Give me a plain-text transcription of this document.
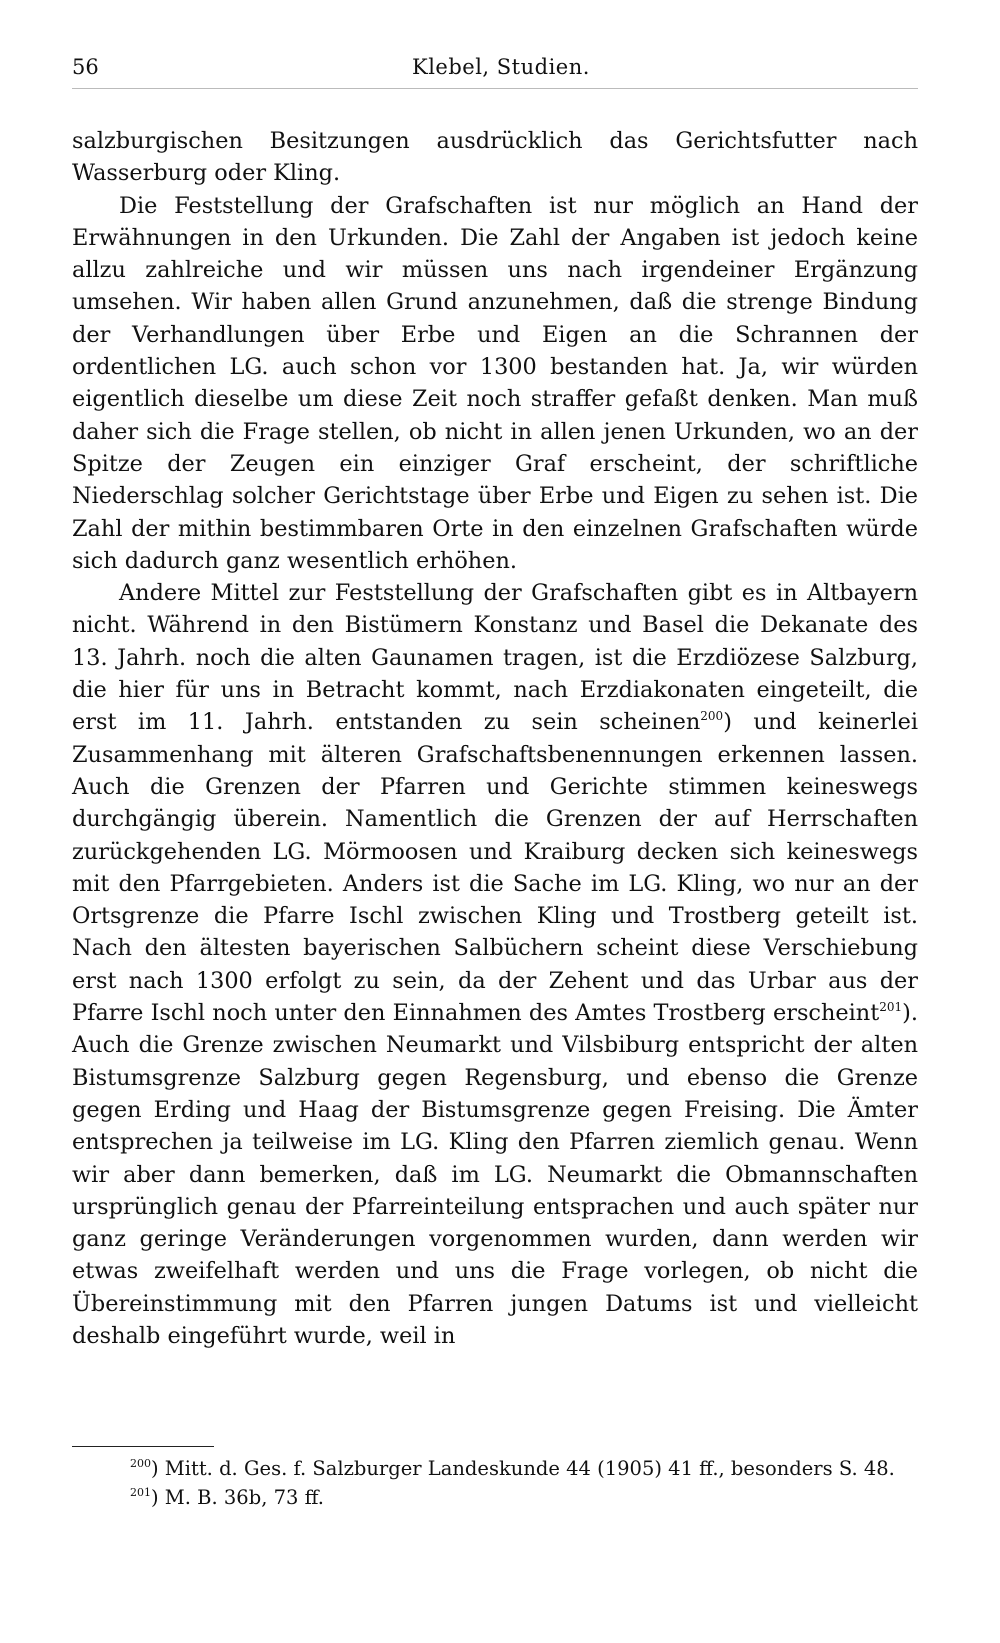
56	Klebel, Studien.

salzburgischen Besitzungen ausdrücklich das Gerichtsfutter nach Wasserburg oder Kling.

Die Feststellung der Grafschaften ist nur möglich an Hand der Erwähnungen in den Urkunden. Die Zahl der Angaben ist jedoch keine allzu zahlreiche und wir müssen uns nach irgendeiner Ergänzung umsehen. Wir haben allen Grund anzunehmen, daß die strenge Bindung der Verhandlungen über Erbe und Eigen an die Schrannen der ordentlichen LG. auch schon vor 1300 bestanden hat. Ja, wir würden eigentlich dieselbe um diese Zeit noch straffer gefaßt denken. Man muß daher sich die Frage stellen, ob nicht in allen jenen Urkunden, wo an der Spitze der Zeugen ein einziger Graf erscheint, der schriftliche Niederschlag solcher Gerichtstage über Erbe und Eigen zu sehen ist. Die Zahl der mithin bestimmbaren Orte in den einzelnen Grafschaften würde sich dadurch ganz wesentlich erhöhen.

Andere Mittel zur Feststellung der Grafschaften gibt es in Altbayern nicht. Während in den Bistümern Konstanz und Basel die Dekanate des 13. Jahrh. noch die alten Gaunamen tragen, ist die Erzdiözese Salzburg, die hier für uns in Betracht kommt, nach Erzdiakonaten eingeteilt, die erst im 11. Jahrh. entstanden zu sein scheinen$^{200}$) und keinerlei Zusammenhang mit älteren Grafschaftsbenennungen erkennen lassen. Auch die Grenzen der Pfarren und Gerichte stimmen keineswegs durchgängig überein. Namentlich die Grenzen der auf Herrschaften zurückgehenden LG. Mörmoosen und Kraiburg decken sich keineswegs mit den Pfarrgebieten. Anders ist die Sache im LG. Kling, wo nur an der Ortsgrenze die Pfarre Ischl zwischen Kling und Trostberg geteilt ist. Nach den ältesten bayerischen Salbüchern scheint diese Verschiebung erst nach 1300 erfolgt zu sein, da der Zehent und das Urbar aus der Pfarre Ischl noch unter den Einnahmen des Amtes Trostberg erscheint$^{201}$). Auch die Grenze zwischen Neumarkt und Vilsbiburg entspricht der alten Bistumsgrenze Salzburg gegen Regensburg, und ebenso die Grenze gegen Erding und Haag der Bistumsgrenze gegen Freising. Die Ämter entsprechen ja teilweise im LG. Kling den Pfarren ziemlich genau. Wenn wir aber dann bemerken, daß im LG. Neumarkt die Obmannschaften ursprünglich genau der Pfarreinteilung entsprachen und auch später nur ganz geringe Veränderungen vorgenommen wurden, dann werden wir etwas zweifelhaft werden und uns die Frage vorlegen, ob nicht die Übereinstimmung mit den Pfarren jungen Datums ist und vielleicht deshalb eingeführt wurde, weil in

$^{200}$) Mitt. d. Ges. f. Salzburger Landeskunde 44 (1905) 41 ff., besonders S. 48.

$^{201}$) M. B. 36b, 73 ff.
